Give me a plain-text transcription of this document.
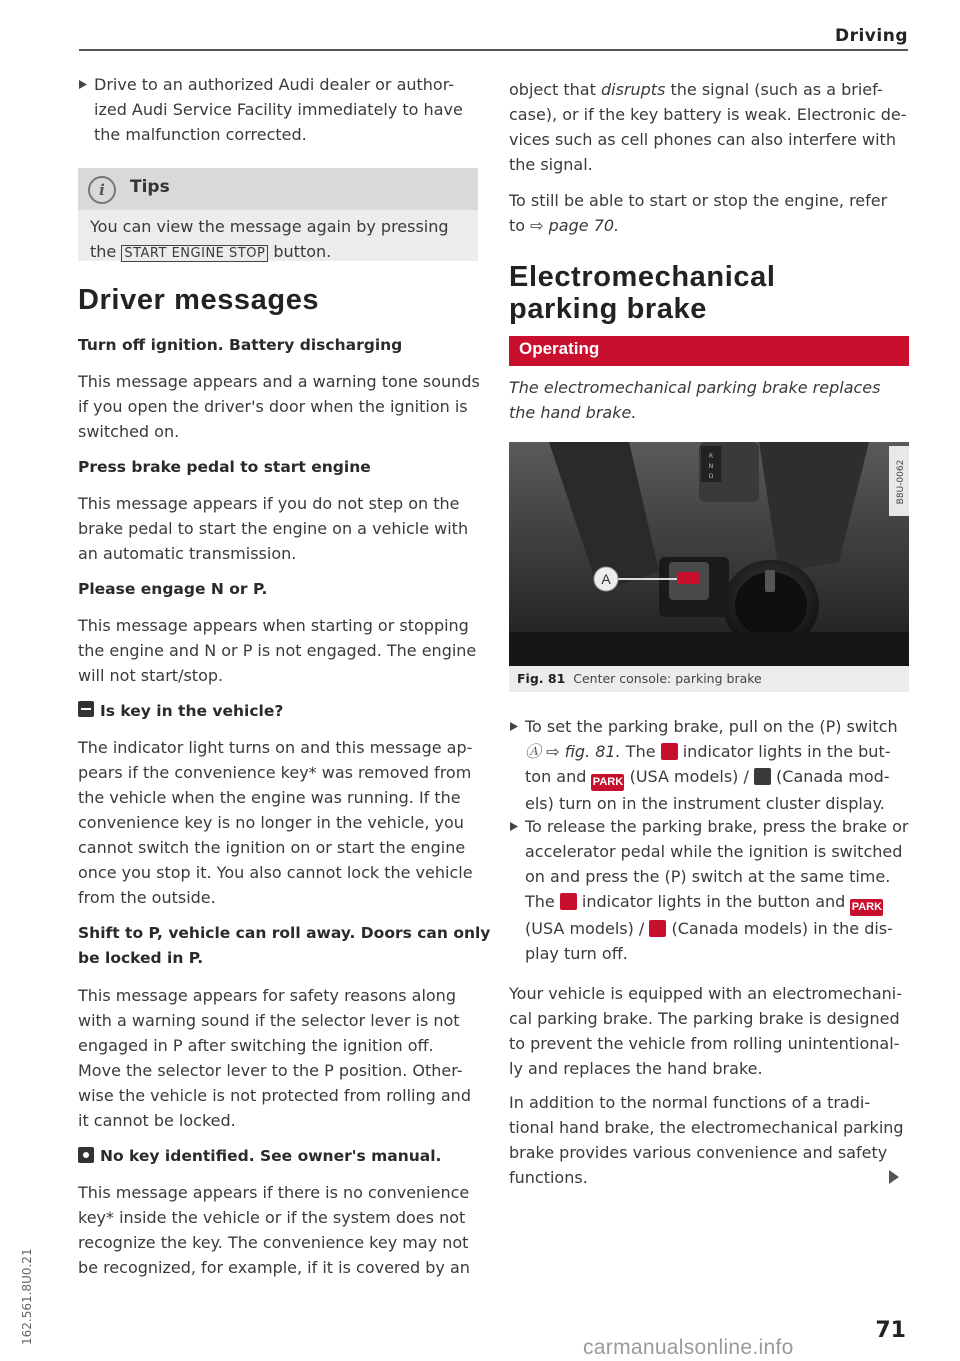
Driving

Drive to an authorized Audi dealer or author-

ized Audi Service Facility immediately to have

the malfunction corrected.

i	Tips

You can view the message again by pressing

the START ENGINE STOP button.

Driver messages
Turn off ignition. Battery discharging

This message appears and a warning tone sounds

if you open the driver's door when the ignition is

switched on.

Press brake pedal to start engine

This message appears if you do not step on the

brake pedal to start the engine on a vehicle with

an automatic transmission.

Please engage N or P.

This message appears when starting or stopping

the engine and N or P is not engaged. The engine

will not start/stop.

Is key in the vehicle?

The indicator light turns on and this message ap-

pears if the convenience key* was removed from

the vehicle when the engine was running. If the

convenience key is no longer in the vehicle, you

cannot switch the ignition on or start the engine

once you stop it. You also cannot lock the vehicle

from the outside.

Shift to P, vehicle can roll away. Doors can only
be locked in P.

This message appears for safety reasons along

with a warning sound if the selector lever is not

engaged in P after switching the ignition off.

Move the selector lever to the P position. Other-

wise the vehicle is not protected from rolling and

it cannot be locked.

No key identified. See owner's manual.

This message appears if there is no convenience

key* inside the vehicle or if the system does not

recognize the key. The convenience key may not

be recognized, for example, if it is covered by an

object that disrupts the signal (such as a brief-

case), or if the key battery is weak. Electronic de-

vices such as cell phones can also interfere with

the signal.

To still be able to start or stop the engine, refer

to ⇨ page 70.

Electromechanical
parking brake
Operating

The electromechanical parking brake replaces

the hand brake.

R
N
D
A
B8U-0062
Fig. 81 Center console: parking brake

To set the parking brake, pull on the (P) switch

Ⓐ ⇨ fig. 81. The  indicator lights in the but-

ton and PARK (USA models) /  (Canada mod-

els) turn on in the instrument cluster display.

To release the parking brake, press the brake or

accelerator pedal while the ignition is switched

on and press the (P) switch at the same time.

The  indicator lights in the button and PARK

(USA models) /  (Canada models) in the dis-

play turn off.

Your vehicle is equipped with an electromechani-

cal parking brake. The parking brake is designed

to prevent the vehicle from rolling unintentional-

ly and replaces the hand brake.

In addition to the normal functions of a tradi-

tional hand brake, the electromechanical parking

brake provides various convenience and safety

functions.

162.561.8U0.21	71
carmanualsonline.info
